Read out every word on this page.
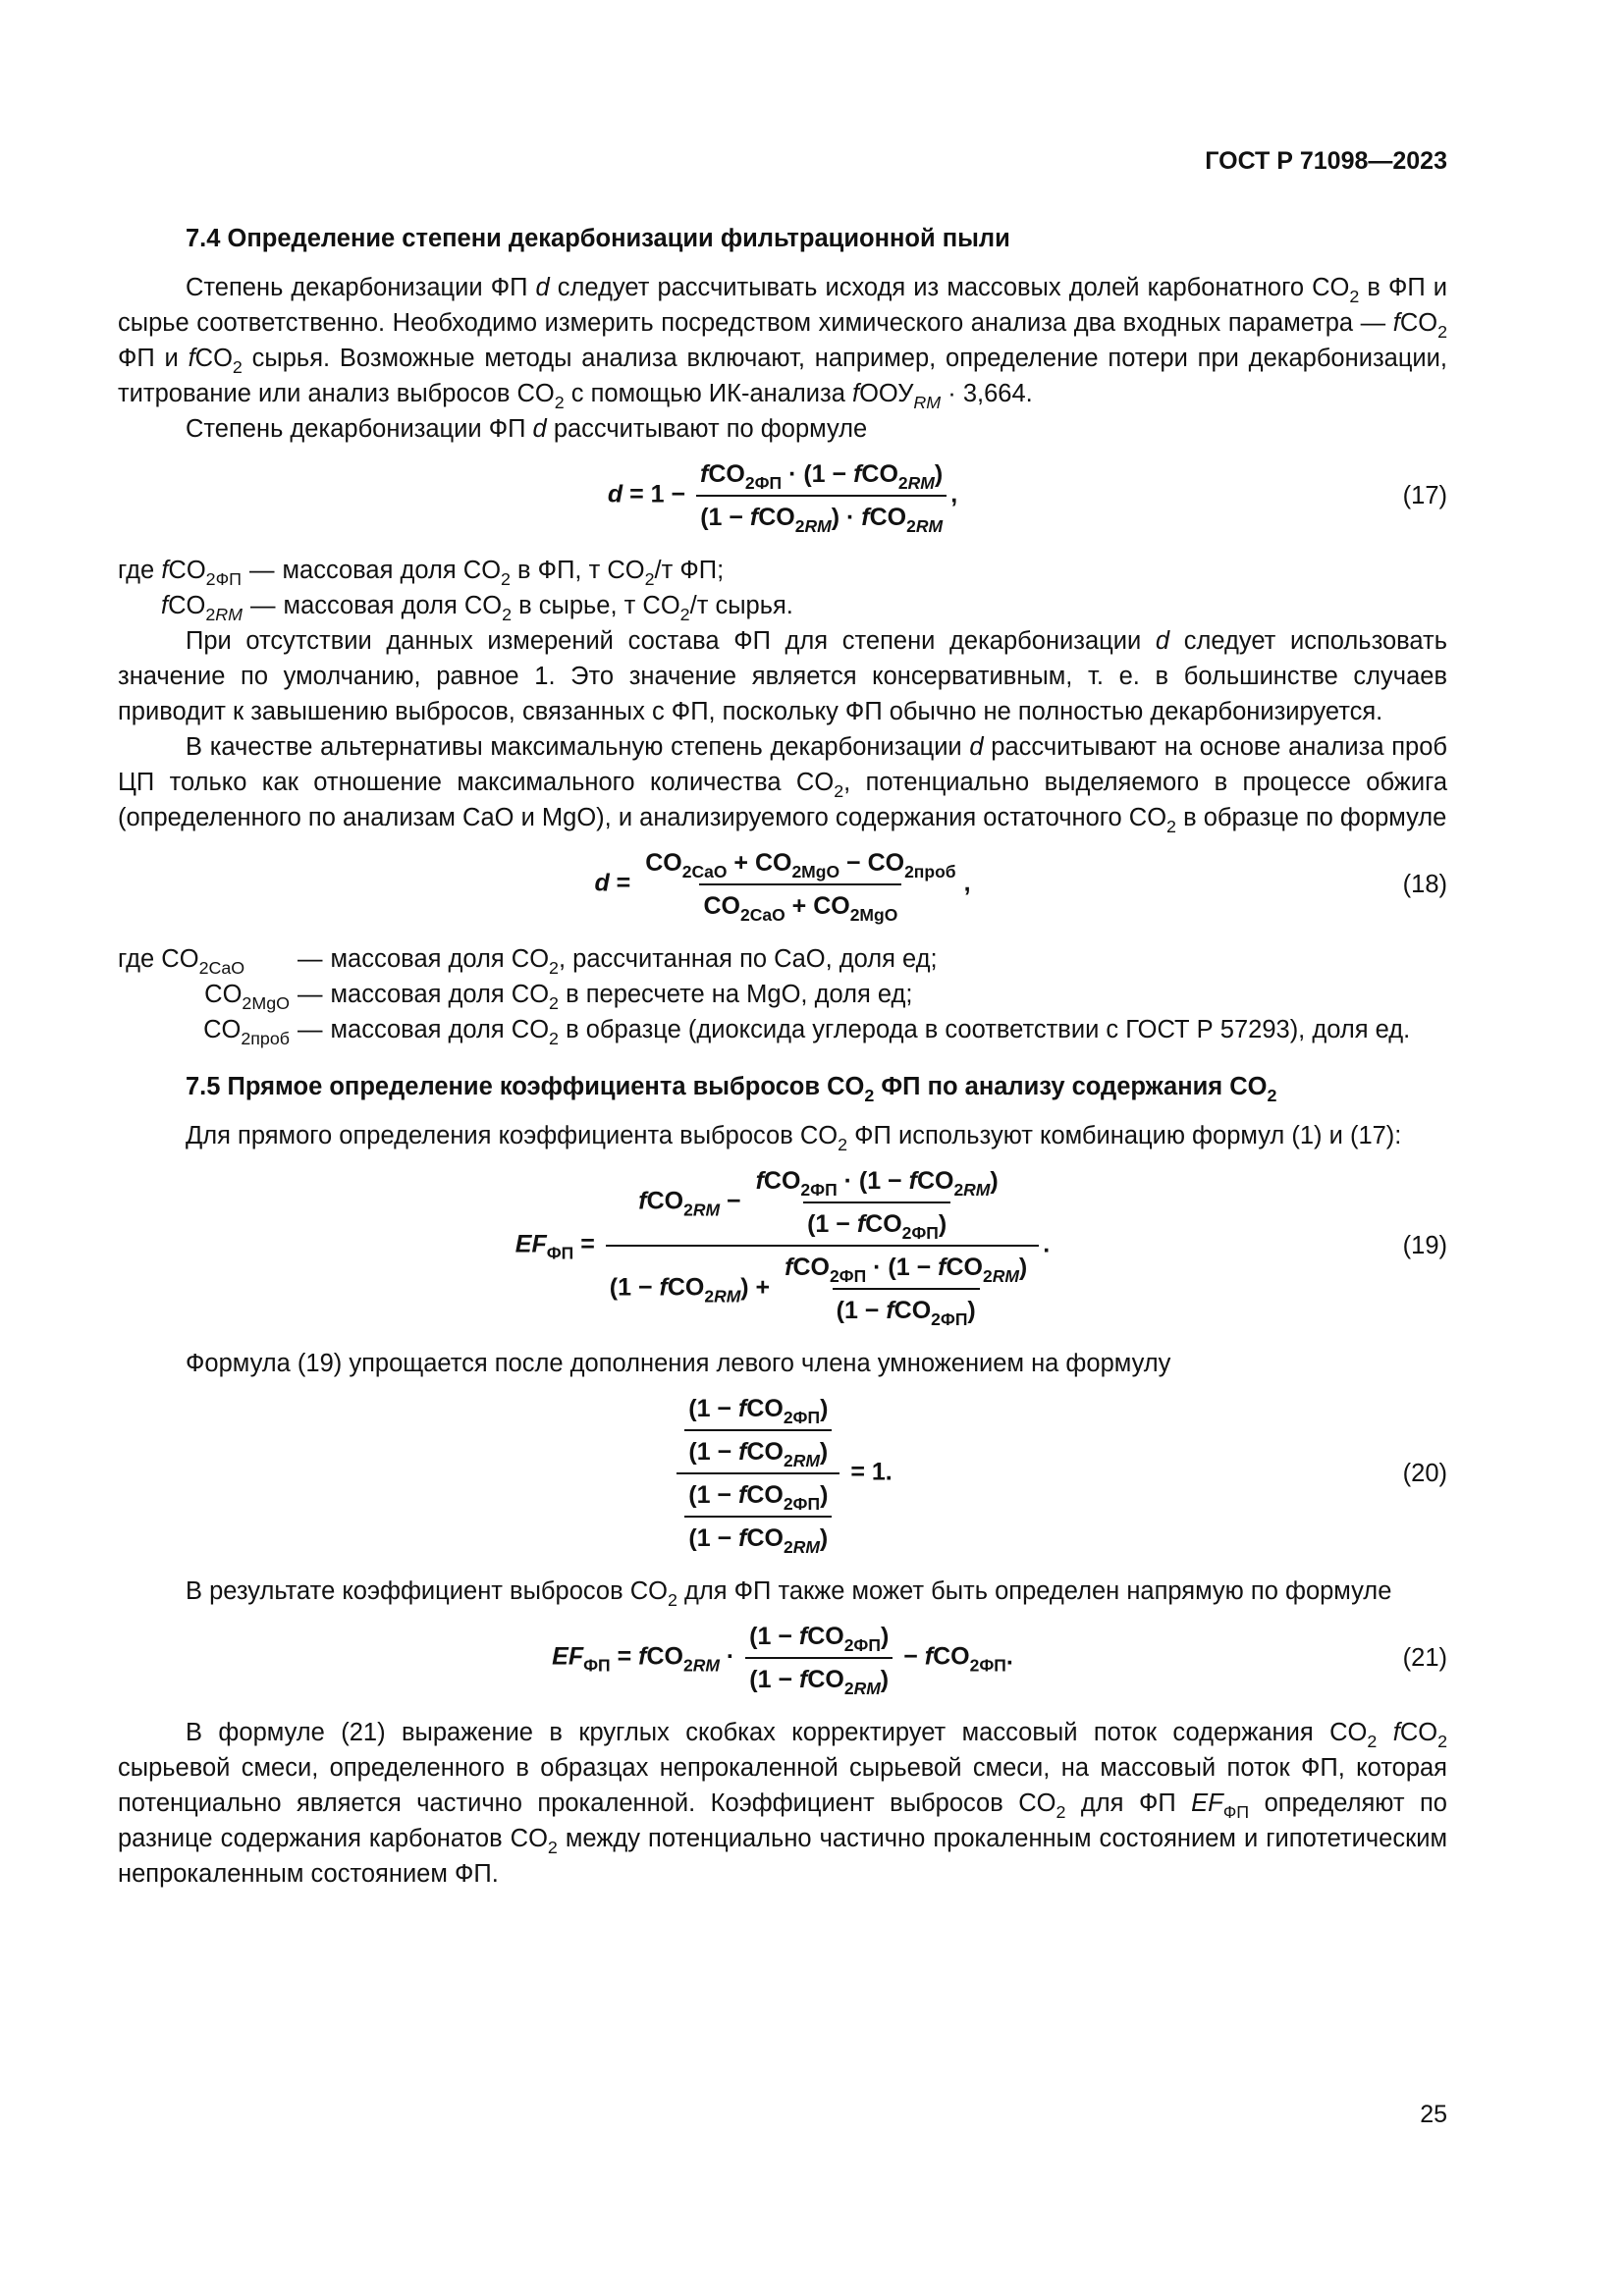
ГОСТ Р 71098—2023

7.4 Определение степени декарбонизации фильтрационной пыли

Степень декарбонизации ФП d следует рассчитывать исходя из массовых долей карбонатного $CO_2$ в ФП и сырье соответственно. Необходимо измерить посредством химического анализа два входных параметра — fCO$_2$ ФП и fCO$_2$ сырья. Возможные методы анализа включают, например, определение потери при декарбонизации, титрование или анализ выбросов $CO_2$ с помощью ИК-анализа fООУ$_{RM}$ · 3,664.

Степень декарбонизации ФП d рассчитывают по формуле

$d = 1 - \frac{fCO_{2ФП} \cdot (1 - fCO_{2RM})}{(1 - fCO_{2RM}) \cdot fCO_{2RM}}$ ,	(17)
где fCO$_{2ФП}$ — массовая доля $CO_2$ в ФП, т $CO_2/т$ ФП;
fCO$_{2RM}$ — массовая доля $CO_2$ в сырье, т $CO_2/т$ сырья.

При отсутствии данных измерений состава ФП для степени декарбонизации d следует использовать значение по умолчанию, равное 1. Это значение является консервативным, т. е. в большинстве случаев приводит к завышению выбросов, связанных с ФП, поскольку ФП обычно не полностью декарбонизируется.

В качестве альтернативы максимальную степень декарбонизации d рассчитывают на основе анализа проб ЦП только как отношение максимального количества $CO_2$, потенциально выделяемого в процессе обжига (определенного по анализам CaO и MgO), и анализируемого содержания остаточного $CO_2$ в образце по формуле

$d = \frac{CO_{2CaO} + CO_{2MgO} - CO_{2проб}}{CO_{2CaO} + CO_{2MgO}}$ ,	(18)
где $CO_{2CaO}$	— массовая доля $CO_2$, рассчитанная по CaO, доля ед;
$CO_{2MgO}$ — массовая доля $CO_2$ в пересчете на MgO, доля ед;
$CO_{2проб}$ — массовая доля $CO_2$ в образце (диоксида углерода в соответствии с ГОСТ Р 57293), доля ед.

7.5 Прямое определение коэффициента выбросов $CO_2$ ФП по анализу содержания $CO_2$

Для прямого определения коэффициента выбросов $CO_2$ ФП используют комбинацию формул (1) и (17):

$EF_{ФП}$ =
$fCO_{2RM} - \frac{fCO_{2ФП} \cdot (1 - fCO_{2RM})}{(1 - fCO_{2ФП})}$
$(1 - fCO_{2RM}) + \frac{fCO_{2ФП} \cdot (1 - fCO_{2RM})}{(1 - fCO_{2ФП})}$
.	(19)

Формула (19) упрощается после дополнения левого члена умножением на формулу

$\frac{\frac{(1 - fCO_{2ФП})}{(1 - fCO_{2RM})}}{\frac{(1 - fCO_{2ФП})}{(1 - fCO_{2RM})}} = 1$.	(20)

В результате коэффициент выбросов $CO_2$ для ФП также может быть определен напрямую по формуле

$EF_{ФП} = fCO_{2RM} \cdot \frac{(1 - fCO_{2ФП})}{(1 - fCO_{2RM})} - fCO_{2ФП}$.	(21)

В формуле (21) выражение в круглых скобках корректирует массовый поток содержания $CO_2$ fCO$_2$ сырьевой смеси, определенного в образцах непрокаленной сырьевой смеси, на массовый поток ФП, которая потенциально является частично прокаленной. Коэффициент выбросов $CO_2$ для ФП $EF_{ФП}$ определяют по разнице содержания карбонатов $CO_2$ между потенциально частично прокаленным состоянием и гипотетическим непрокаленным состоянием ФП.

25
